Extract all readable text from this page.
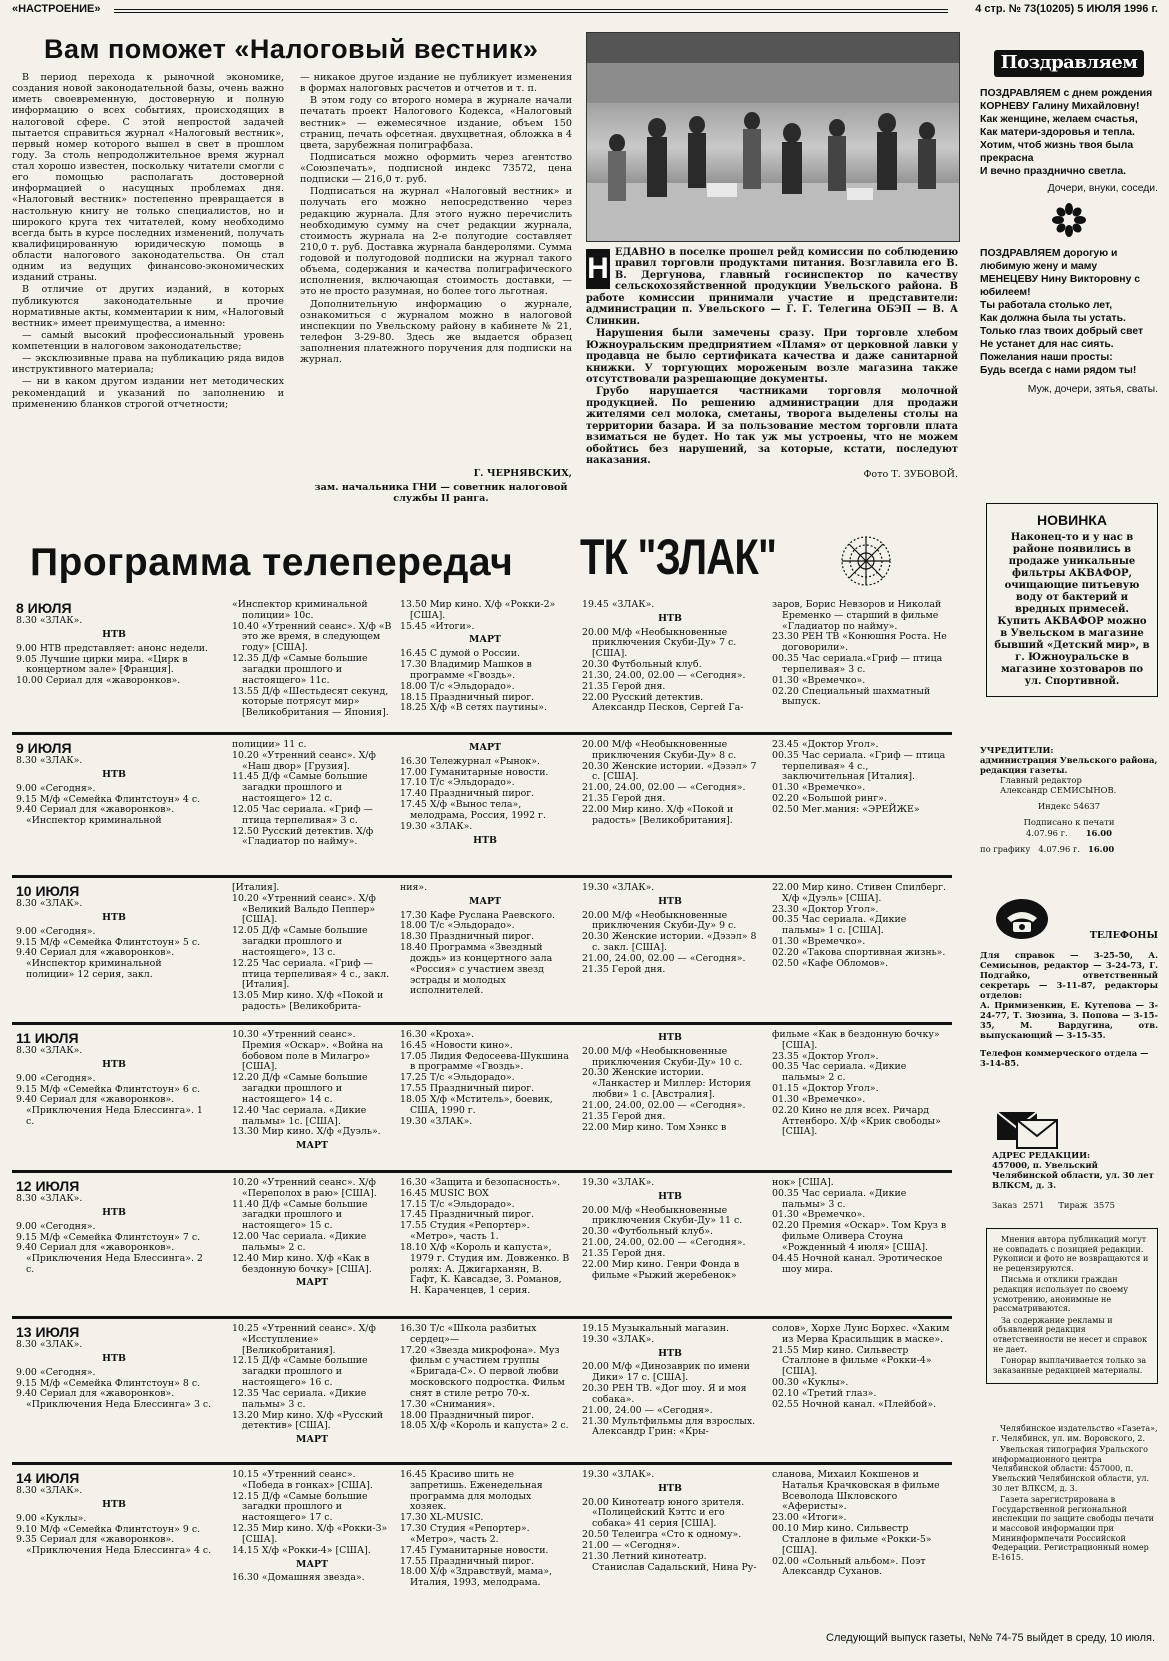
«НАСТРОЕНИЕ»	4 стр. № 73(10205) 5 ИЮЛЯ 1996 г.
Вам поможет «Налоговый вестник»

В период перехода к рыночной экономике, создания новой законодательной базы, очень важно иметь своевременную, достоверную и полную информацию о всех событиях, происходящих в налоговой сфере. С этой непростой задачей пытается справиться журнал «Налоговый вестник», первый номер которого вышел в свет в прошлом году. За столь непродолжительное время журнал стал хорошо известен, поскольку читатели смогли с его помощью располагать достоверной информацией о насущных проблемах дня. «Налоговый вестник» постепенно превращается в настольную книгу не только специалистов, но и широкого круга тех читателей, кому необходимо всегда быть в курсе последних изменений, получать квалифицированную юридическую помощь в области налогового законодательства. Он стал одним из ведущих финансово-экономических изданий страны.

В отличие от других изданий, в которых публикуются законодательные и прочие нормативные акты, комментарии к ним, «Налоговый вестник» имеет преимущества, а именно:

— самый высокий профессиональный уровень компетенции в налоговом законодательстве;

— эксклюзивные права на публикацию ряда видов инструктивного материала;

— ни в каком другом издании нет методических рекомендаций и указаний по заполнению и применению бланков строгой отчетности;

— никакое другое издание не публикует изменения в формах налоговых расчетов и отчетов и т. п.

В этом году со второго номера в журнале начали печатать проект Налогового Кодекса, «Налоговый вестник» — ежемесячное издание, объем 150 страниц, печать офсетная. двухцветная, обложка в 4 цвета, зарубежная полиграфбаза.

Подписаться можно оформить через агентство «Союзпечать», подписной индекс 73572, цена подписки — 216,0 т. руб.

Подписаться на журнал «Налоговый вестник» и получать его можно непосредственно через редакцию журнала. Для этого нужно перечислить необходимую сумму на счет редакции журнала, стоимость журнала на 2-е полугодие составляет 210,0 т. руб. Доставка журнала бандеролями. Сумма годовой и полугодовой подписки на журнал такого объема, содержания и качества полиграфического исполнения, включающая стоимость доставки, — это не просто разумная, но более того льготная.

Дополнительную информацию о журнале, ознакомиться с журналом можно в налоговой инспекции по Увельскому району в кабинете № 21, телефон 3-29-80. Здесь же выдается образец заполнения платежного поручения для подписки на журнал.

Г. ЧЕРНЯВСКИХ,
зам. начальника ГНИ — советник налоговой службы II ранга.
Н ЕДАВНО в поселке прошел рейд комиссии по соблюдению правил торговли продуктами питания. Возглавила его В. В. Дергунова, главный госинспектор по качеству сельскохозяйственной продукции Увельского района. В работе комиссии принимали участие и представители: администрации п. Увельского — Г. Г. Телегина ОБЭП — В. А Слинкин.

Нарушения были замечены сразу. При торговле хлебом Южноуральским предприятием «Пламя» от церковной лавки у продавца не было сертификата качества и даже санитарной книжки. У торгующих мороженым возле магазина также отсутствовали разрешающие документы.

Грубо нарушается частниками торговля молочной продукцией. По решению администрации для продажи жителями сел молока, сметаны, творога выделены столы на территории базара. И за пользование местом торговли плата взиматься не будет. Но так уж мы устроены, что не можем обойтись без нарушений, за которые, кстати, последуют наказания.

Фото Т. ЗУБОВОЙ.
Поздравляем
ПОЗДРАВЛЯЕМ с днем рождения КОРНЕВУ Галину Михайловну!
Как женщине, желаем счастья,
Как матери-здоровья и тепла.
Хотим, чтоб жизнь твоя была прекрасна
И вечно празднично светла.
Дочери, внуки, соседи.
ПОЗДРАВЛЯЕМ дорогую и любимую жену и маму МЕНЕЦЕВУ Нину Викторовну с юбилеем!
Ты работала столько лет,
Как должна была ты устать.
Только глаз твоих добрый свет
Не устанет для нас сиять.
Пожелания наши просты:
Будь всегда с нами рядом ты!
Муж, дочери, зятья, сваты.
Программа телепередач ТК "ЗЛАК"
8 ИЮЛЯ
8.30 «ЗЛАК».
НТВ
9.00 НТВ представляет: анонс недели.
9.05 Лучшие цирки мира. «Цирк в концертном зале» [Франция].
10.00 Сериал для «жаворонков».
«Инспектор криминальной полиции» 10с.
10.40 «Утренний сеанс». Х/ф «В это же время, в следующем году» [США].
12.35 Д/ф «Самые большие загадки прошлого и настоящего» 11с.
13.55 Д/ф «Шестьдесят секунд, которые потрясут мир» [Великобритания — Япония].
13.50 Мир кино. Х/ф «Рокки-2» [США].
15.45 «Итоги».
МАРТ
16.45 С думой о России.
17.30 Владимир Машков в программе «Гвоздь».
18.00 Т/с «Эльдорадо».
18.15 Праздничный пирог.
18.25 Х/ф «В сетях паутины».
19.45 «ЗЛАК».
НТВ
20.00 М/ф «Необыкновенные приключения Скуби-Ду» 7 с. [США].
20.30 Футбольный клуб.
21.30, 24.00, 02.00 — «Сегодня».
21.35 Герой дня.
22.00 Русский детектив. Александр Песков, Сергей Га-
заров, Борис Невзоров и Николай Еременко — старший в фильме «Гладиатор по найму».
23.30 РЕН ТВ «Конюшня Роста. Не договорили».
00.35 Час сериала.«Гриф — птица терпеливая» 3 с.
01.30 «Времечко».
02.20 Специальный шахматный выпуск.
9 ИЮЛЯ
8.30 «ЗЛАК».
НТВ
9.00 «Сегодня».
9.15 М/ф «Семейка Флинтстоун» 4 с.
9.40 Сериал для «жаворонков». «Инспектор криминальной
полиции» 11 с.
10.20 «Утренний сеанс». Х/ф «Наш двор» [Грузия].
11.45 Д/ф «Самые большие загадки прошлого и настоящего» 12 с.
12.05 Час сериала. «Гриф — птица терпеливая» 3 с.
12.50 Русский детектив. Х/ф «Гладиатор по найму».
МАРТ
16.30 Тележурнал «Рынок».
17.00 Гуманитарные новости.
17.10 Т/с «Эльдорадо».
17.40 Праздничный пирог.
17.45 Х/ф «Вынос тела», мелодрама, Россия, 1992 г.
19.30 «ЗЛАК».
НТВ
20.00 М/ф «Необыкновенные приключения Скуби-Ду» 8 с.
20.30 Женские истории. «Дэзэл» 7 с. [США].
21.00, 24.00, 02.00 — «Сегодня».
21.35 Герой дня.
22.00 Мир кино. Х/ф «Покой и радость» [Великобритания].
23.45 «Доктор Угол».
00.35 Час сериала. «Гриф — птица терпеливая» 4 с., заключительная [Италия].
01.30 «Времечко».
02.20 «Большой ринг».
02.50 Мег.мания: «ЭРЕЙЖЕ»
10 ИЮЛЯ
8.30 «ЗЛАК».
НТВ
9.00 «Сегодня».
9.15 М/ф «Семейка Флинтстоун» 5 с.
9.40 Сериал для «жаворонков». «Инспектор криминальной полиции» 12 серия, закл.
[Италия].
10.20 «Утренний сеанс». Х/ф «Великий Вальдо Пеппер» [США].
12.05 Д/ф «Самые большие загадки прошлого и настоящего», 13 с.
12.25 Час сериала. «Гриф — птица терпеливая» 4 с., закл. [Италия].
13.05 Мир кино. Х/ф «Покой и радость» [Великобрита-
ния».
МАРТ
17.30 Кафе Руслана Раевского.
18.00 Т/с «Эльдорадо».
18.30 Праздничный пирог.
18.40 Программа «Звездный дождь» из концертного зала «Россия» с участием звезд эстрады и молодых исполнителей.
19.30 «ЗЛАК».
НТВ
20.00 М/ф «Необыкновенные приключения Скуби-Ду» 9 с.
20.30 Женские истории. «Дэзэл» 8 с. закл. [США].
21.00, 24.00, 02.00 — «Сегодня».
21.35 Герой дня.
22.00 Мир кино. Стивен Спилберг. Х/ф «Дуэль» [США].
23.30 «Доктор Угол».
00.35 Час сериала. «Дикие пальмы» 1 с. [США].
01.30 «Времечко».
02.20 «Такова спортивная жизнь».
02.50 «Кафе Обломов».
11 ИЮЛЯ
8.30 «ЗЛАК».
НТВ
9.00 «Сегодня».
9.15 М/ф «Семейка Флинтстоун» 6 с.
9.40 Сериал для «жаворонков». «Приключения Неда Блессинга». 1 с.
10.30 «Утренний сеанс». Премия «Оскар». «Война на бобовом поле в Милагро» [США].
12.20 Д/ф «Самые большие загадки прошлого и настоящего» 14 с.
12.40 Час сериала. «Дикие пальмы» 1с. [США].
13.30 Мир кино. Х/ф «Дуэль».
МАРТ
16.30 «Кроха».
16.45 «Новости кино».
17.05 Лидия Федосеева-Шукшина в программе «Гвоздь».
17.25 Т/с «Эльдорадо».
17.55 Праздничный пирог.
18.05 Х/ф «Мститель», боевик, США, 1990 г.
19.30 «ЗЛАК».
НТВ
20.00 М/ф «Необыкновенные приключения Скуби-Ду» 10 с.
20.30 Женские истории. «Ланкастер и Миллер: История любви» 1 с. [Австралия].
21.00, 24.00, 02.00 — «Сегодня».
21.35 Герой дня.
22.00 Мир кино. Том Хэнкс в
фильме «Как в бездонную бочку» [США].
23.35 «Доктор Угол».
00.35 Час сериала. «Дикие пальмы» 2 с.
01.15 «Доктор Угол».
01.30 «Времечко».
02.20 Кино не для всех. Ричард Аттенборо. Х/ф «Крик свободы» [США].
12 ИЮЛЯ
8.30 «ЗЛАК».
НТВ
9.00 «Сегодня».
9.15 М/ф «Семейка Флинтстоун» 7 с.
9.40 Сериал для «жаворонков». «Приключения Неда Блессинга». 2 с.
10.20 «Утренний сеанс». Х/ф «Переполох в раю» [США].
11.40 Д/ф «Самые большие загадки прошлого и настоящего» 15 с.
12.00 Час сериала. «Дикие пальмы» 2 с.
12.40 Мир кино. Х/ф «Как в бездонную бочку» [США].
МАРТ
16.30 «Защита и безопасность».
16.45 MUSIC BOX
17.15 Т/с «Эльдорадо».
17.45 Праздничный пирог.
17.55 Студия «Репортер». «Метро», часть 1.
18.10 Х/ф «Король и капуста», 1979 г. Студия им. Довженко. В ролях: А. Джигарханян, В. Гафт, К. Кавсадзе, З. Романов, Н. Караченцев, 1 серия.
19.30 «ЗЛАК».
НТВ
20.00 М/ф «Необыкновенные приключения Скуби-Ду» 11 с.
20.30 «Футбольный клуб».
21.00, 24.00, 02.00 — «Сегодня».
21.35 Герой дня.
22.00 Мир кино. Генри Фонда в фильме «Рыжий жеребенок»
нок» [США].
00.35 Час сериала. «Дикие пальмы» 3 с.
01.30 «Времечко».
02.20 Премия «Оскар». Том Круз в фильме Оливера Стоуна «Рожденный 4 июля» [США].
04.45 Ночной канал. Эротическое шоу мира.
13 ИЮЛЯ
8.30 «ЗЛАК».
НТВ
9.00 «Сегодня».
9.15 М/ф «Семейка Флинтстоун» 8 с.
9.40 Сериал для «жаворонков». «Приключения Неда Блессинга» 3 с.
10.25 «Утренний сеанс». Х/ф «Исступление» [Великобритания].
12.15 Д/ф «Самые большие загадки прошлого и настоящего» 16 с.
12.35 Час сериала. «Дикие пальмы» 3 с.
13.20 Мир кино. Х/ф «Русский детектив» [США].
МАРТ
16.30 Т/с «Школа разбитых сердец»—
17.20 «Звезда микрофона». Муз фильм с участием группы «Бригада-С». О первой любви московского подростка. Фильм снят в стиле ретро 70-х.
17.30 «Снимания».
18.00 Праздничный пирог.
18.05 Х/ф «Король и капуста» 2 с.
19.15 Музыкальный магазин.
19.30 «ЗЛАК».
НТВ
20.00 М/ф «Динозаврик по имени Дики» 17 с. [США].
20.30 РЕН ТВ. «Дог шоу. Я и моя собака».
21.00, 24.00 — «Сегодня».
21.30 Мультфильмы для взрослых. Александр Грин: «Кры-
солов», Хорхе Луис Борхес. «Хаким из Мерва Красильщик в маске».
21.55 Мир кино. Сильвестр Сталлоне в фильме «Рокки-4» [США].
00.30 «Куклы».
02.10 «Третий глаз».
02.55 Ночной канал. «Плейбой».
14 ИЮЛЯ
8.30 «ЗЛАК».
НТВ
9.00 «Куклы».
9.10 М/ф «Семейка Флинтстоун» 9 с.
9.35 Сериал для «жаворонков». «Приключения Неда Блессинга» 4 с.
10.15 «Утренний сеанс». «Победа в гонках» [США].
12.15 Д/ф «Самые большие загадки прошлого и настоящего» 17 с.
12.35 Мир кино. Х/ф «Рокки-3» [США].
14.15 Х/ф «Рокки-4» [США].
МАРТ
16.30 «Домашняя звезда».
16.45 Красиво шить не запретишь. Еженедельная программа для молодых хозяек.
17.30 XL-MUSIC.
17.30 Студия «Репортер». «Метро», часть 2.
17.45 Гуманитарные новости.
17.55 Праздничный пирог.
18.00 Х/ф «Здравствуй, мама», Италия, 1993, мелодрама.
19.30 «ЗЛАК».
НТВ
20.00 Кинотеатр юного зрителя. «Полицейский Кэттс и его собака» 41 серия [США].
20.50 Телеигра «Сто к одному».
21.00 — «Сегодня».
21.30 Летний кинотеатр. Станислав Садальский, Нина Ру-
сланова, Михаил Кокшенов и Наталья Крачковская в фильме Всеволода Шкловского «Аферисты».
23.00 «Итоги».
00.10 Мир кино. Сильвестр Сталлоне в фильме «Рокки-5» [США].
02.00 «Сольный альбом». Поэт Александр Суханов.
НОВИНКА
Наконец-то и у нас в районе появились в продаже уникальные фильтры АКВАФОР, очищающие питьевую воду от бактерий и вредных примесей.
Купить АКВАФОР можно в Увельском в магазине бывший «Детский мир», в г. Южноуральске в магазине хозтоваров по ул. Спортивной.
УЧРЕДИТЕЛИ:
администрация Увельского района, редакция газеты.
Главный редактор
Александр СЕМИСЫНОВ.
Индекс 54637
Подписано к печати
4.07.96 г. 16.00
по графику 4.07.96 г. 16.00
ТЕЛЕФОНЫ
Для справок — 3-25-50, А. Семисынов, редактор — 3-24-73, Г. Подгайко, ответственный секретарь — 3-11-87, редакторы отделов:
А. Примизенкин, Е. Кутепова — 3-24-77, Т. Зюзина, З. Попова — 3-15-35, М. Вардугина, отв. выпускающий — 3-15-35.
Телефон коммерческого отдела — 3-14-85.
АДРЕС РЕДАКЦИИ:
457000, п. Увельский Челябинской области, ул. 30 лет ВЛКСМ, д. 3.
Заказ 2571 Тираж 3575
Мнения автора публикаций могут не совпадать с позицией редакции. Рукописи и фото не возвращаются и не рецензируются.
Письма и отклики граждан редакция использует по своему усмотрению, анонимные не рассматриваются.
За содержание рекламы и объявлений редакция ответственности не несет и справок не дает.
Гонорар выплачивается только за заказанные редакцией материалы.
Челябинское издательство «Газета», г. Челябинск, ул. им. Воровского, 2.
Увельская типография Уральского информационного центра Челябинской области: 457000, п. Увельский Челябинской области, ул. 30 лет ВЛКСМ, д. 3.
Газета зарегистрирована в Государственной региональной инспекции по защите свободы печати и массовой информации при Мининформпечати Российской Федерации. Регистрационный номер Е-1615.
Следующий выпуск газеты, №№ 74-75 выйдет в среду, 10 июля.
